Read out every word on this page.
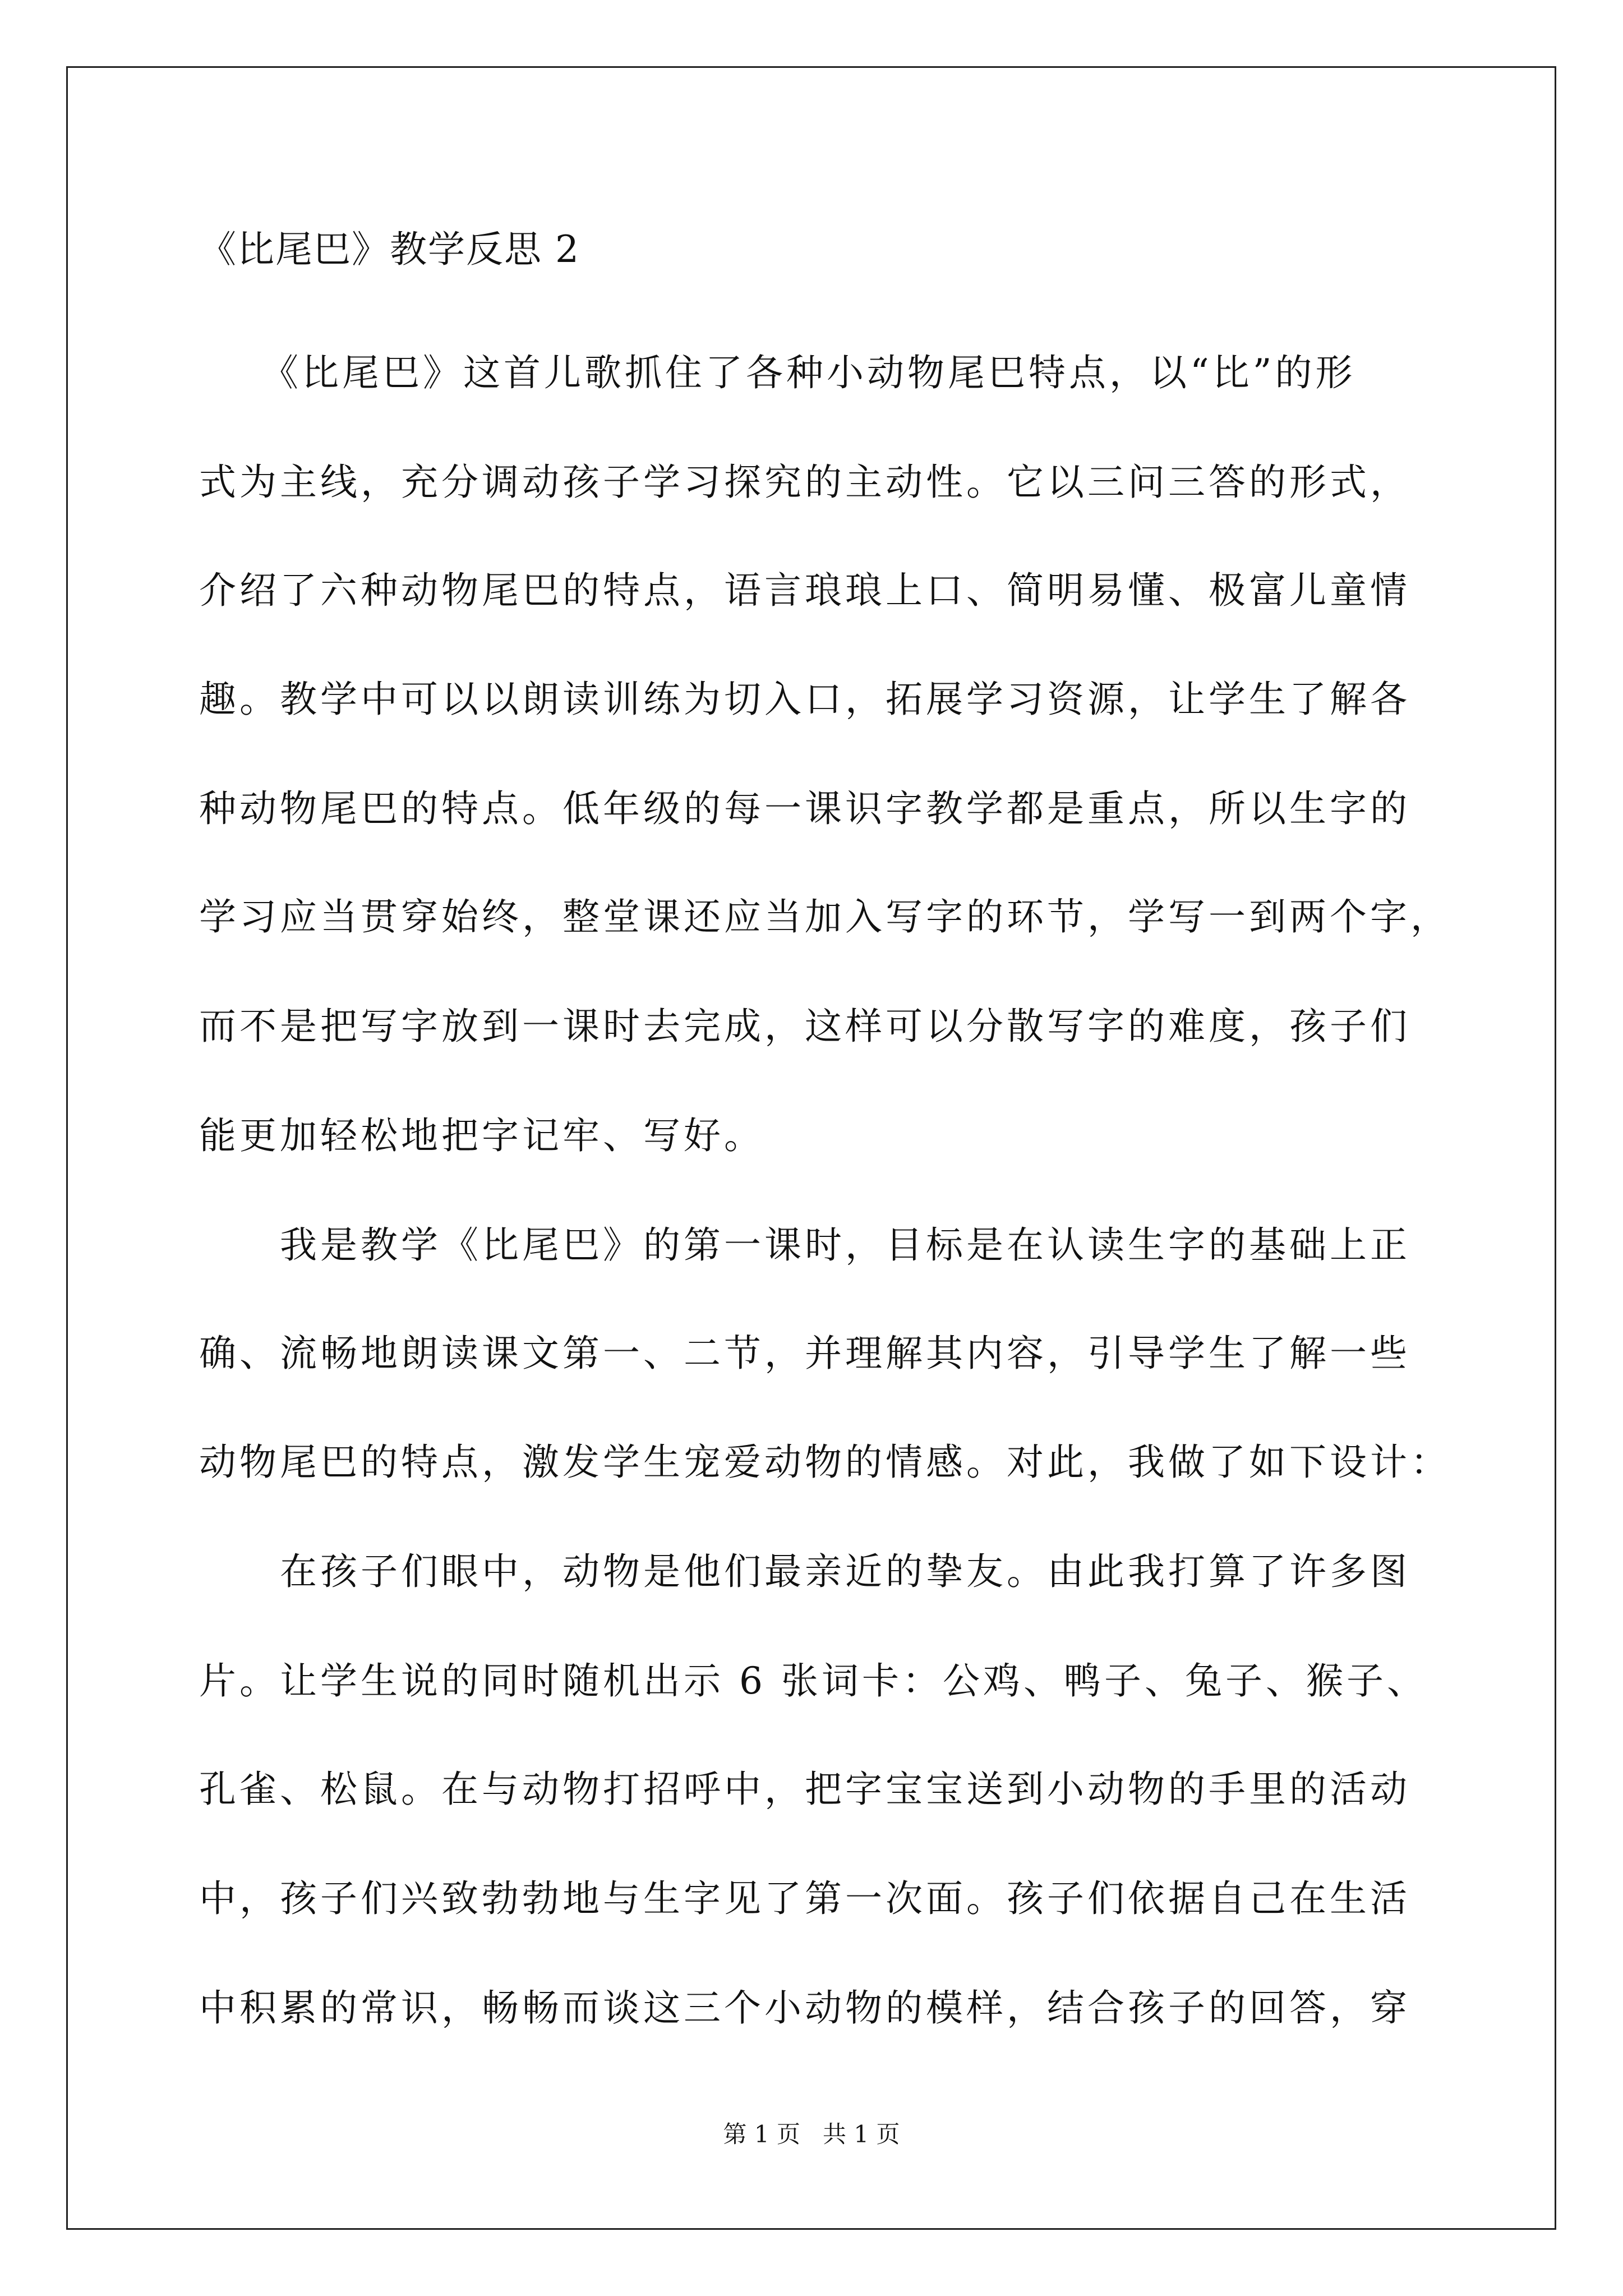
《比尾巴》教学反思 2
　　《比尾巴》这首儿歌抓住了各种小动物尾巴特点，以“比”的形
式为主线，充分调动孩子学习探究的主动性。它以三问三答的形式，
介绍了六种动物尾巴的特点，语言琅琅上口、简明易懂、极富儿童情
趣。教学中可以以朗读训练为切入口，拓展学习资源，让学生了解各
种动物尾巴的特点。低年级的每一课识字教学都是重点，所以生字的
学习应当贯穿始终，整堂课还应当加入写字的环节，学写一到两个字，
而不是把写字放到一课时去完成，这样可以分散写字的难度，孩子们
能更加轻松地把字记牢、写好。
　　我是教学《比尾巴》的第一课时，目标是在认读生字的基础上正
确、流畅地朗读课文第一、二节，并理解其内容，引导学生了解一些
动物尾巴的特点，激发学生宠爱动物的情感。对此，我做了如下设计：
　　在孩子们眼中，动物是他们最亲近的挚友。由此我打算了许多图
片。让学生说的同时随机出示 6 张词卡：公鸡、鸭子、兔子、猴子、
孔雀、松鼠。在与动物打招呼中，把字宝宝送到小动物的手里的活动
中，孩子们兴致勃勃地与生字见了第一次面。孩子们依据自己在生活
中积累的常识，畅畅而谈这三个小动物的模样，结合孩子的回答，穿
第 1 页   共 1 页
